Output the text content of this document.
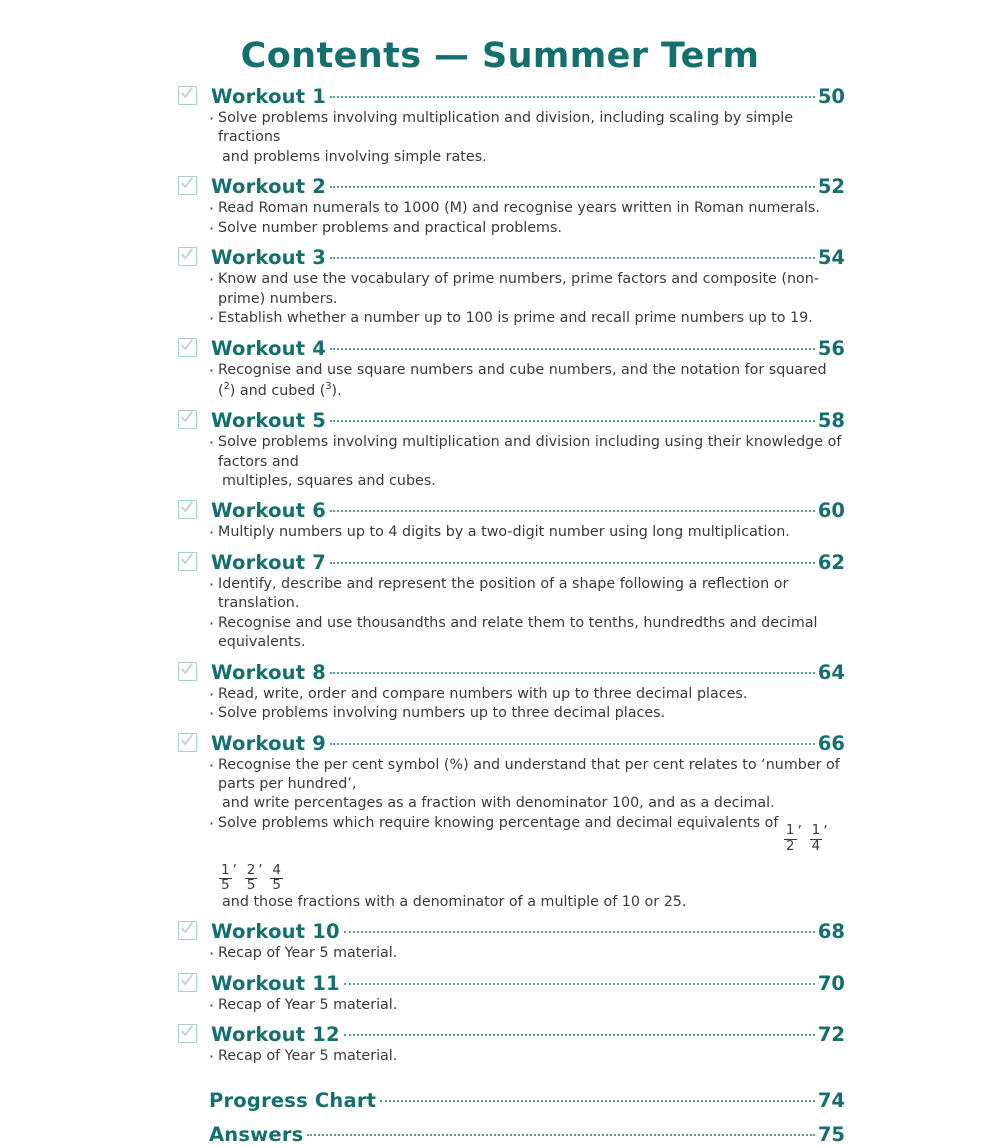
Contents — Summer Term
Workout 1	50
· Solve problems involving multiplication and division, including scaling by simple fractions
and problems involving simple rates.
Workout 2	52
· Read Roman numerals to 1000 (M) and recognise years written in Roman numerals.
· Solve number problems and practical problems.
Workout 3	54
· Know and use the vocabulary of prime numbers, prime factors and composite (non-prime) numbers.
· Establish whether a number up to 100 is prime and recall prime numbers up to 19.
Workout 4	56
· Recognise and use square numbers and cube numbers, and the notation for squared ($^2$) and cubed ($^3$).
Workout 5	58
· Solve problems involving multiplication and division including using their knowledge of factors and
multiples, squares and cubes.
Workout 6	60
· Multiply numbers up to 4 digits by a two-digit number using long multiplication.
Workout 7	62
· Identify, describe and represent the position of a shape following a reflection or translation.
· Recognise and use thousandths and relate them to tenths, hundredths and decimal equivalents.
Workout 8	64
· Read, write, order and compare numbers with up to three decimal places.
· Solve problems involving numbers up to three decimal places.
Workout 9	66
· Recognise the per cent symbol (%) and understand that per cent relates to ‘number of parts per hundred’,
and write percentages as a fraction with denominator 100, and as a decimal.
· Solve problems which require knowing percentage and decimal equivalents of
$\frac{1}{2}$
,
$\frac{1}{4}$
,
$\frac{1}{5}$
,
$\frac{2}{5}$
,
$\frac{4}{5}$
and those fractions with a denominator of a multiple of 10 or 25.
Workout 10	68
· Recap of Year 5 material.
Workout 11	70
· Recap of Year 5 material.
Workout 12	72
· Recap of Year 5 material.
Progress Chart	74
Answers	75
